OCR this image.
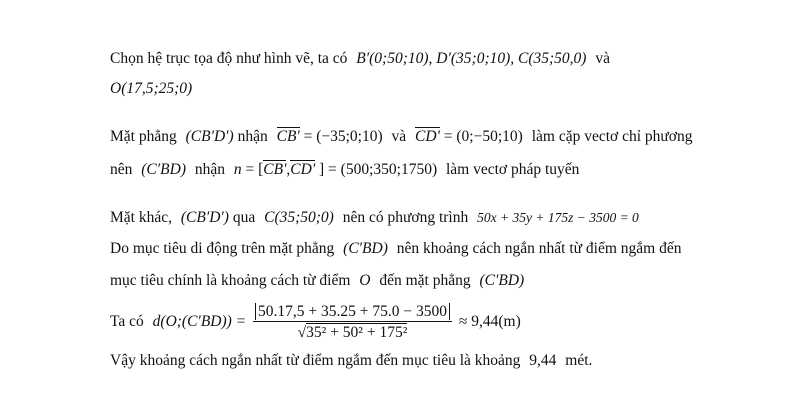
Chọn hệ trục tọa độ như hình vẽ, ta có B′(0;50;10), D′(35;0;10), C(35;50,0) và
O(17,5;25;0)
Mặt phẳng (CB′D′) nhận CB' = (−35;0;10) và CD' = (0;−50;10) làm cặp vectơ chỉ phương
nên (C′BD) nhận n = [CB',CD' ] = (500;350;1750) làm vectơ pháp tuyến
Mặt khác, (CB′D′) qua C(35;50;0) nên có phương trình 50x + 35y + 175z − 3500 = 0
Do mục tiêu di động trên mặt phẳng (C′BD) nên khoảng cách ngắn nhất từ điểm ngắm đến
mục tiêu chính là khoảng cách từ điểm O đến mặt phẳng (C′BD)
Ta có d(O;(C′BD)) = $\frac{50.17,5 + 35.25 + 75.0 - 3500}{\text{√35² + 50² + 175²}} \approx 9,44(m)$
Vậy khoảng cách ngắn nhất từ điểm ngắm đến mục tiêu là khoảng 9,44 mét.
